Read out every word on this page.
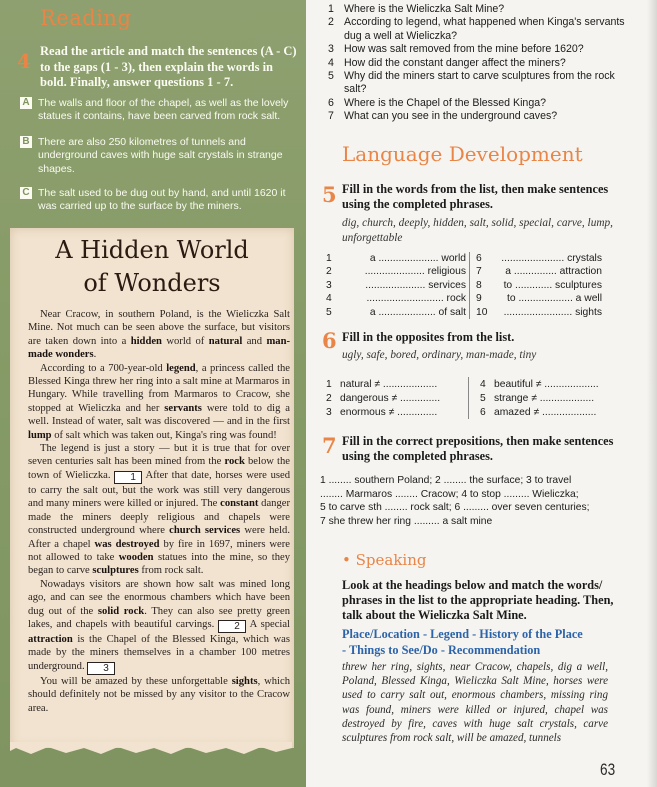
Reading
4 Read the article and match the sentences (A - C) to the gaps (1 - 3), then explain the words in bold. Finally, answer questions 1 - 7.
A The walls and floor of the chapel, as well as the lovely statues it contains, have been carved from rock salt.
B There are also 250 kilometres of tunnels and underground caves with huge salt crystals in strange shapes.
C The salt used to be dug out by hand, and until 1620 it was carried up to the surface by the miners.
A Hidden World
of Wonders

Near Cracow, in southern Poland, is the Wieliczka Salt Mine. Not much can be seen above the surface, but visitors are taken down into a hidden world of natural and man-made wonders.

According to a 700-year-old legend, a princess called the Blessed Kinga threw her ring into a salt mine at Marmaros in Hungary. While travelling from Marmaros to Cracow, she stopped at Wieliczka and her servants were told to dig a well. Instead of water, salt was discovered — and in the first lump of salt which was taken out, Kinga's ring was found!

The legend is just a story — but it is true that for over seven centuries salt has been mined from the rock below the town of Wieliczka. 1 After that date, horses were used to carry the salt out, but the work was still very dangerous and many miners were killed or injured. The constant danger made the miners deeply religious and chapels were constructed underground where church services were held. After a chapel was destroyed by fire in 1697, miners were not allowed to take wooden statues into the mine, so they began to carve sculptures from rock salt.

Nowadays visitors are shown how salt was mined long ago, and can see the enormous chambers which have been dug out of the solid rock. They can also see pretty green lakes, and chapels with beautiful carvings. 2 A special attraction is the Chapel of the Blessed Kinga, which was made by the miners themselves in a chamber 100 metres underground. 3

You will be amazed by these unforgettable sights, which should definitely not be missed by any visitor to the Cracow area.

1 Where is the Wieliczka Salt Mine?
2 According to legend, what happened when Kinga's servants dug a well at Wieliczka?
3 How was salt removed from the mine before 1620?
4 How did the constant danger affect the miners?
5 Why did the miners start to carve sculptures from the rock salt?
6 Where is the Chapel of the Blessed Kinga?
7 What can you see in the underground caves?
Language Development
5 Fill in the words from the list, then make sentences using the completed phrases.
dig, church, deeply, hidden, salt, solid, special, carve, lump, unforgettable
1	a ..................... world 6	...................... crystals
2	..................... religious 7	a ............... attraction
3	..................... services 8	to ............. sculptures
4	........................... rock 9	to ................... a well
5	a .................... of salt 10	........................ sights
6 Fill in the opposites from the list.
ugly, safe, bored, ordinary, man-made, tiny
1 natural ≠ ...................	4 beautiful ≠ ...................
2 dangerous ≠ ..............	5 strange ≠ ...................
3 enormous ≠ ..............	6 amazed ≠ ...................
7 Fill in the correct prepositions, then make sentences using the completed phrases.
1 ........ southern Poland; 2 ........ the surface; 3 to travel
........ Marmaros ........ Cracow; 4 to stop ......... Wieliczka;
5 to carve sth ........ rock salt; 6 ......... over seven centuries;
7 she threw her ring ......... a salt mine
• Speaking
Look at the headings below and match the words/ phrases in the list to the appropriate heading. Then, talk about the Wieliczka Salt Mine.
Place/Location - Legend - History of the Place
- Things to See/Do - Recommendation
threw her ring, sights, near Cracow, chapels, dig a well, Poland, Blessed Kinga, Wieliczka Salt Mine, horses were used to carry salt out, enormous chambers, missing ring was found, miners were killed or injured, chapel was destroyed by fire, caves with huge salt crystals, carve sculptures from rock salt, will be amazed, tunnels
63
